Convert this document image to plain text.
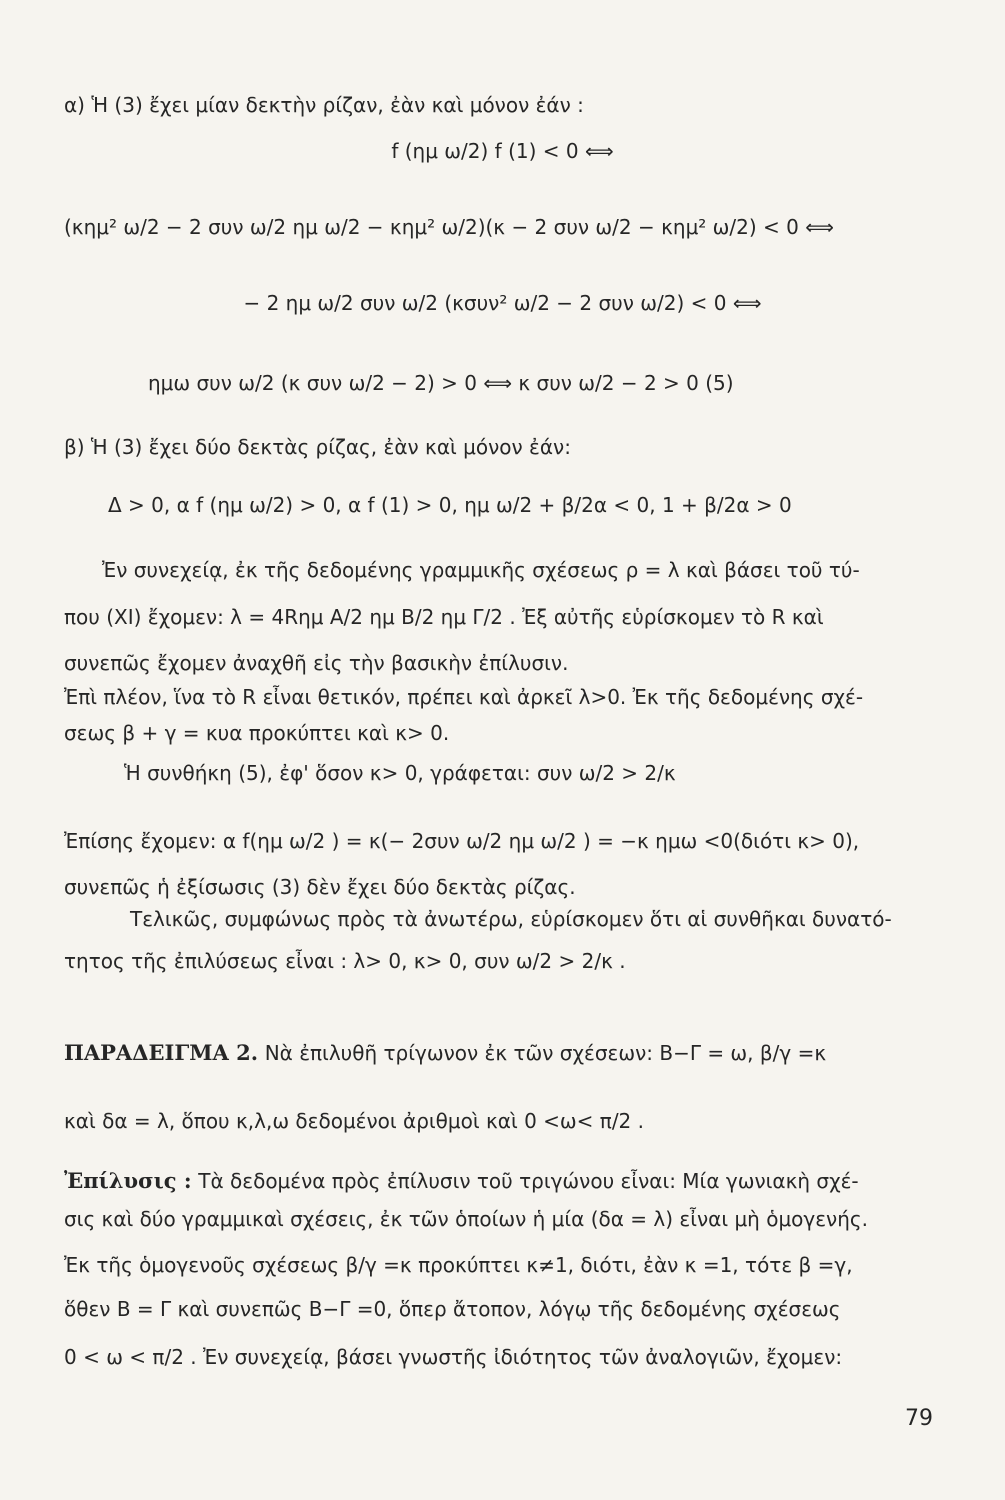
α) Ἡ (3) ἔχει μίαν δεκτὴν ρίζαν, ἐὰν καὶ μόνον ἐάν :
f (ημ ω/2) f (1) < 0 ⟺
(κημ² ω/2 − 2 συν ω/2 ημ ω/2 − κημ² ω/2)(κ − 2 συν ω/2 − κημ² ω/2) < 0 ⟺
− 2 ημ ω/2 συν ω/2 (κσυν² ω/2 − 2 συν ω/2) < 0 ⟺
ημω συν ω/2 (κ συν ω/2 − 2) > 0 ⟺ κ συν ω/2 − 2 > 0 (5)
β) Ἡ (3) ἔχει δύο δεκτὰς ρίζας, ἐὰν καὶ μόνον ἐάν:
Δ > 0, α f (ημ ω/2) > 0, α f (1) > 0, ημ ω/2 + β/2α < 0, 1 + β/2α > 0
Ἐν συνεχείᾳ, ἐκ τῆς δεδομένης γραμμικῆς σχέσεως ρ = λ καὶ βάσει τοῦ τύ-
που (ΧΙ) ἔχομεν: λ = 4Rημ A/2 ημ B/2 ημ Γ/2 . Ἐξ αὐτῆς εὑρίσκομεν τὸ R καὶ
συνεπῶς ἔχομεν ἀναχθῆ εἰς τὴν βασικὴν ἐπίλυσιν.
Ἐπὶ πλέον, ἵνα τὸ R εἶναι θετικόν, πρέπει καὶ ἀρκεῖ λ>0. Ἐκ τῆς δεδομένης σχέ-
σεως β + γ = κυα προκύπτει καὶ κ> 0.
Ἡ συνθήκη (5), ἐφ' ὅσον κ> 0, γράφεται: συν ω/2 > 2/κ
Ἐπίσης ἔχομεν: α f(ημ ω/2 ) = κ(− 2συν ω/2 ημ ω/2 ) = −κ ημω <0(διότι κ> 0),
συνεπῶς ἡ ἐξίσωσις (3) δὲν ἔχει δύο δεκτὰς ρίζας.
Τελικῶς, συμφώνως πρὸς τὰ ἀνωτέρω, εὑρίσκομεν ὅτι αἱ συνθῆκαι δυνατό-
τητος τῆς ἐπιλύσεως εἶναι : λ> 0, κ> 0, συν ω/2 > 2/κ .
ΠΑΡΑΔΕΙΓΜΑ 2. Νὰ ἐπιλυθῆ τρίγωνον ἐκ τῶν σχέσεων: Β−Γ = ω, β/γ =κ
καὶ δα = λ, ὅπου κ,λ,ω δεδομένοι ἀριθμοὶ καὶ 0 <ω< π/2 .
Ἐπίλυσις : Τὰ δεδομένα πρὸς ἐπίλυσιν τοῦ τριγώνου εἶναι: Μία γωνιακὴ σχέ-
σις καὶ δύο γραμμικαὶ σχέσεις, ἐκ τῶν ὁποίων ἡ μία (δα = λ) εἶναι μὴ ὁμογενής.
Ἐκ τῆς ὁμογενοῦς σχέσεως β/γ =κ προκύπτει κ≠1, διότι, ἐὰν κ =1, τότε β =γ,
ὅθεν Β = Γ καὶ συνεπῶς Β−Γ =0, ὅπερ ἄτοπον, λόγῳ τῆς δεδομένης σχέσεως
0 < ω < π/2 . Ἐν συνεχείᾳ, βάσει γνωστῆς ἰδιότητος τῶν ἀναλογιῶν, ἔχομεν:
79
